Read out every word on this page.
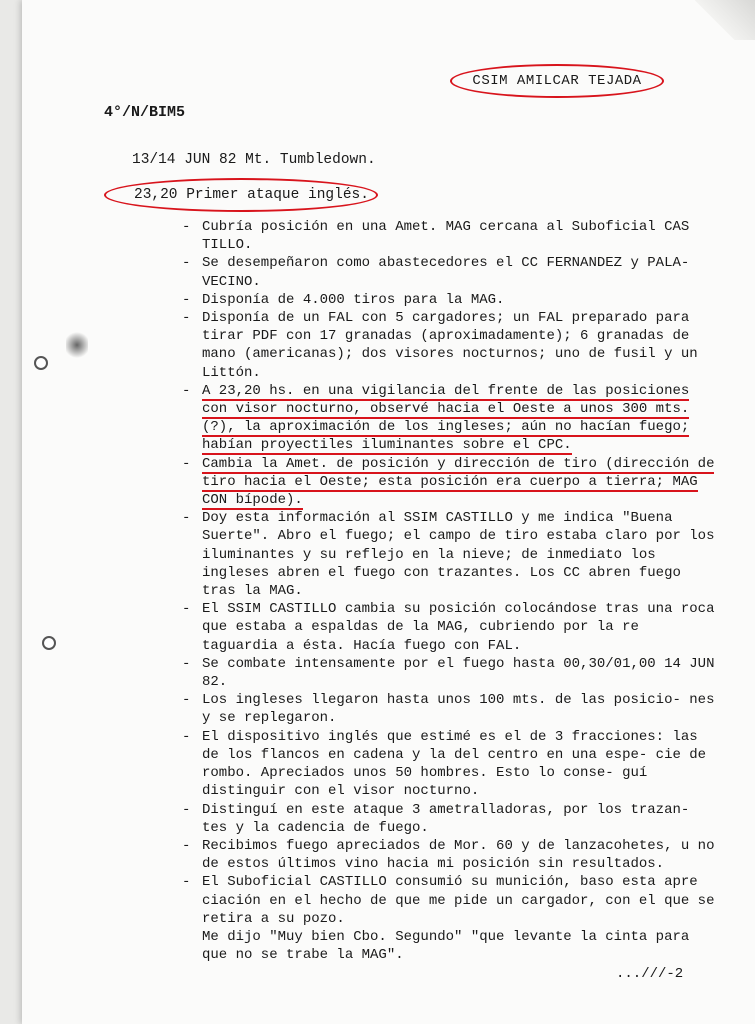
CSIM AMILCAR TEJADA
4°/N/BIM5
13/14 JUN 82 Mt. Tumbledown.
23,20 Primer ataque inglés.

- Cubría posición en una Amet. MAG cercana al Suboficial CAS TILLO.

- Se desempeñaron como abastecedores el CC FERNANDEZ y PALA- VECINO.

- Disponía de 4.000 tiros para la MAG.

- Disponía de un FAL con 5 cargadores; un FAL preparado para tirar PDF con 17 granadas (aproximadamente); 6 granadas de mano (americanas); dos visores nocturnos; uno de fusil y un Littón.

- A 23,20 hs. en una vigilancia del frente de las posiciones con visor nocturno, observé hacia el Oeste a unos 300 mts. (?), la aproximación de los ingleses; aún no hacían fuego; habían proyectiles iluminantes sobre el CPC.

- Cambia la Amet. de posición y dirección de tiro (dirección de tiro hacia el Oeste; esta posición era cuerpo a tierra; MAG CON bípode).

- Doy esta información al SSIM CASTILLO y me indica "Buena Suerte". Abro el fuego; el campo de tiro estaba claro por los iluminantes y su reflejo en la nieve; de inmediato los ingleses abren el fuego con trazantes. Los CC abren fuego tras la MAG.

- El SSIM CASTILLO cambia su posición colocándose tras una roca que estaba a espaldas de la MAG, cubriendo por la re taguardia a ésta. Hacía fuego con FAL.

- Se combate intensamente por el fuego hasta 00,30/01,00 14 JUN 82.

- Los ingleses llegaron hasta unos 100 mts. de las posicio- nes y se replegaron.

- El dispositivo inglés que estimé es el de 3 fracciones: las de los flancos en cadena y la del centro en una espe- cie de rombo. Apreciados unos 50 hombres. Esto lo conse- guí distinguir con el visor nocturno.

- Distinguí en este ataque 3 ametralladoras, por los trazan- tes y la cadencia de fuego.

- Recibimos fuego apreciados de Mor. 60 y de lanzacohetes, u no de estos últimos vino hacia mi posición sin resultados.

- El Suboficial CASTILLO consumió su munición, baso esta apre ciación en el hecho de que me pide un cargador, con el que se retira a su pozo.

Me dijo "Muy bien Cbo. Segundo" "que levante la cinta para que no se trabe la MAG".

...///-2
